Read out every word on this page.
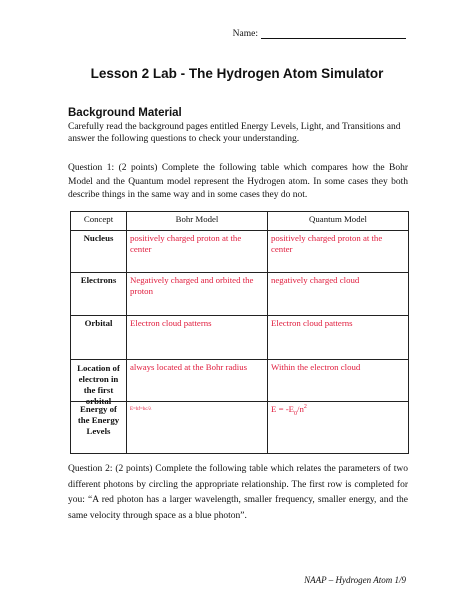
Name:
Lesson 2 Lab - The Hydrogen Atom Simulator
Background Material
Carefully read the background pages entitled Energy Levels, Light, and Transitions and answer the following questions to check your understanding.
Question 1: (2 points) Complete the following table which compares how the Bohr Model and the Quantum model represent the Hydrogen atom. In some cases they both describe things in the same way and in some cases they do not.
Concept	Bohr Model	Quantum Model
Nucleus	positively charged proton at the center	positively charged proton at the center
Electrons	Negatively charged and orbited the proton	negatively charged cloud
Orbital	Electron cloud patterns	Electron cloud patterns

Location of electron in the first orbital	always located at the Bohr radius	Within the electron cloud
Energy of the Energy Levels	E=hf=hc/λ	$E = -E_0/n^2$
Question 2: (2 points) Complete the following table which relates the parameters of two different photons by circling the appropriate relationship. The first row is completed for you: “A red photon has a larger wavelength, smaller frequency, smaller energy, and the same velocity through space as a blue photon”.
NAAP – Hydrogen Atom 1/9
